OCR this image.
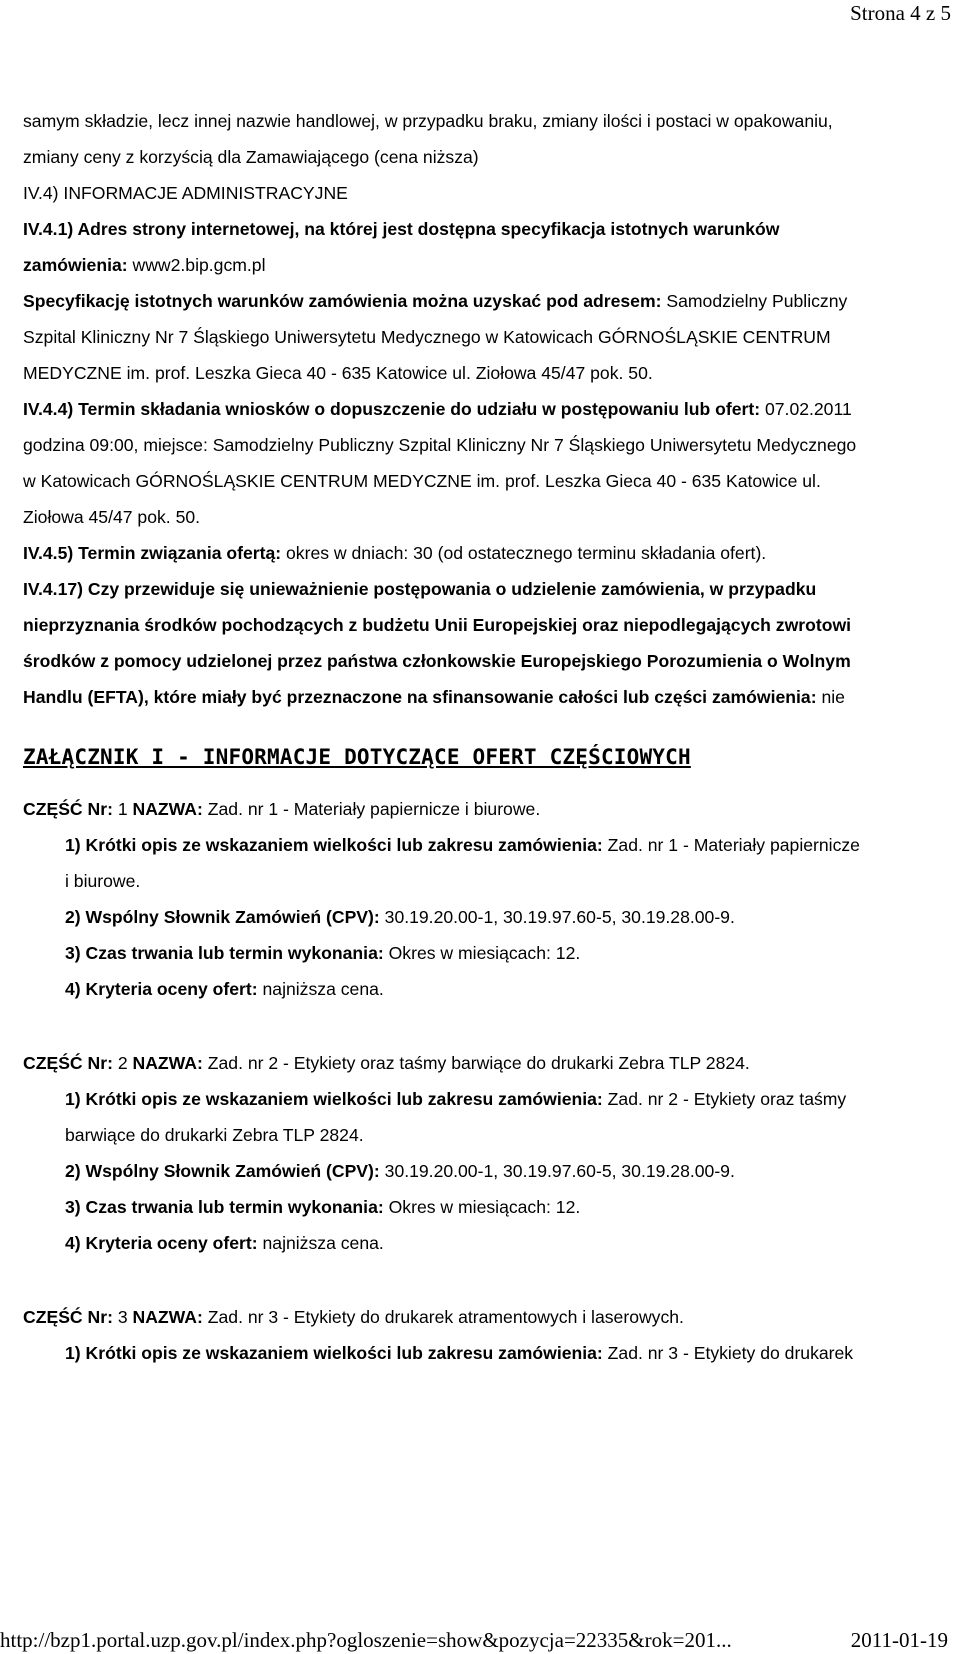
Strona 4 z 5
samym składzie, lecz innej nazwie handlowej, w przypadku braku, zmiany ilości i postaci w opakowaniu,
zmiany ceny z korzyścią dla Zamawiającego (cena niższa)
IV.4) INFORMACJE ADMINISTRACYJNE
IV.4.1) Adres strony internetowej, na której jest dostępna specyfikacja istotnych warunków
zamówienia: www2.bip.gcm.pl
Specyfikację istotnych warunków zamówienia można uzyskać pod adresem: Samodzielny Publiczny
Szpital Kliniczny Nr 7 Śląskiego Uniwersytetu Medycznego w Katowicach GÓRNOŚLĄSKIE CENTRUM
MEDYCZNE im. prof. Leszka Gieca 40 - 635 Katowice ul. Ziołowa 45/47 pok. 50.
IV.4.4) Termin składania wniosków o dopuszczenie do udziału w postępowaniu lub ofert: 07.02.2011
godzina 09:00, miejsce: Samodzielny Publiczny Szpital Kliniczny Nr 7 Śląskiego Uniwersytetu Medycznego
w Katowicach GÓRNOŚLĄSKIE CENTRUM MEDYCZNE im. prof. Leszka Gieca 40 - 635 Katowice ul.
Ziołowa 45/47 pok. 50.
IV.4.5) Termin związania ofertą: okres w dniach: 30 (od ostatecznego terminu składania ofert).
IV.4.17) Czy przewiduje się unieważnienie postępowania o udzielenie zamówienia, w przypadku
nieprzyznania środków pochodzących z budżetu Unii Europejskiej oraz niepodlegających zwrotowi
środków z pomocy udzielonej przez państwa członkowskie Europejskiego Porozumienia o Wolnym
Handlu (EFTA), które miały być przeznaczone na sfinansowanie całości lub części zamówienia: nie
ZAŁĄCZNIK I - INFORMACJE DOTYCZĄCE OFERT CZĘŚCIOWYCH
CZĘŚĆ Nr: 1 NAZWA: Zad. nr 1 - Materiały papiernicze i biurowe.
1) Krótki opis ze wskazaniem wielkości lub zakresu zamówienia: Zad. nr 1 - Materiały papiernicze
i biurowe.
2) Wspólny Słownik Zamówień (CPV): 30.19.20.00-1, 30.19.97.60-5, 30.19.28.00-9.
3) Czas trwania lub termin wykonania: Okres w miesiącach: 12.
4) Kryteria oceny ofert: najniższa cena.
CZĘŚĆ Nr: 2 NAZWA: Zad. nr 2 - Etykiety oraz taśmy barwiące do drukarki Zebra TLP 2824.
1) Krótki opis ze wskazaniem wielkości lub zakresu zamówienia: Zad. nr 2 - Etykiety oraz taśmy
barwiące do drukarki Zebra TLP 2824.
2) Wspólny Słownik Zamówień (CPV): 30.19.20.00-1, 30.19.97.60-5, 30.19.28.00-9.
3) Czas trwania lub termin wykonania: Okres w miesiącach: 12.
4) Kryteria oceny ofert: najniższa cena.
CZĘŚĆ Nr: 3 NAZWA: Zad. nr 3 - Etykiety do drukarek atramentowych i laserowych.
1) Krótki opis ze wskazaniem wielkości lub zakresu zamówienia: Zad. nr 3 - Etykiety do drukarek
http://bzp1.portal.uzp.gov.pl/index.php?ogloszenie=show&pozycja=22335&rok=201...	2011-01-19
